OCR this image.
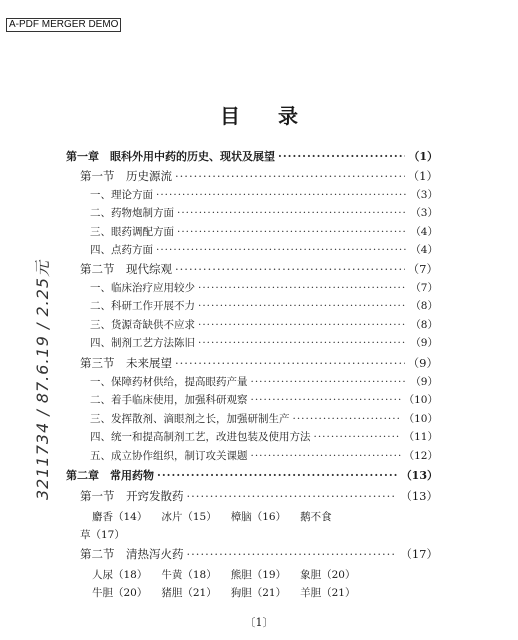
A-PDF MERGER DEMO
目录
3211734 / 87.6.19 / 2.25元
第一章　眼科外用中药的历史、现状及展望 ·····	（1）
第一节　历史源流 ·····	（1）
一、理论方面 ·····	（3）
二、药物炮制方面 ·····	（3）
三、眼药调配方面 ·····	（4）
四、点药方面 ·····	（4）
第二节　现代综观 ·····	（7）
一、临床治疗应用较少 ·····	（7）
二、科研工作开展不力 ·····	（8）
三、货源奇缺供不应求 ·····	（8）
四、制剂工艺方法陈旧 ·····	（9）
第三节　未来展望 ·····	（9）
一、保障药材供给，提高眼药产量 ·····	（9）
二、着手临床使用，加强科研观察 ·····	（10）
三、发挥散剂、滴眼剂之长，加强研制生产 ·····	（10）
四、统一和提高制剂工艺，改进包装及使用方法 ·····	（11）
五、成立协作组织，制订攻关课题 ·····	（12）
第二章　常用药物 ·····	（13）
第一节　开窍发散药 ·····	（13）
麝香（14） 冰片（15） 樟脑（16） 鹅不食
草（17）
第二节　清热泻火药 ·····	（17）
人尿（18） 牛黄（18） 熊胆（19） 象胆（20）
牛胆（20） 猪胆（21） 狗胆（21） 羊胆（21）
〔1〕
